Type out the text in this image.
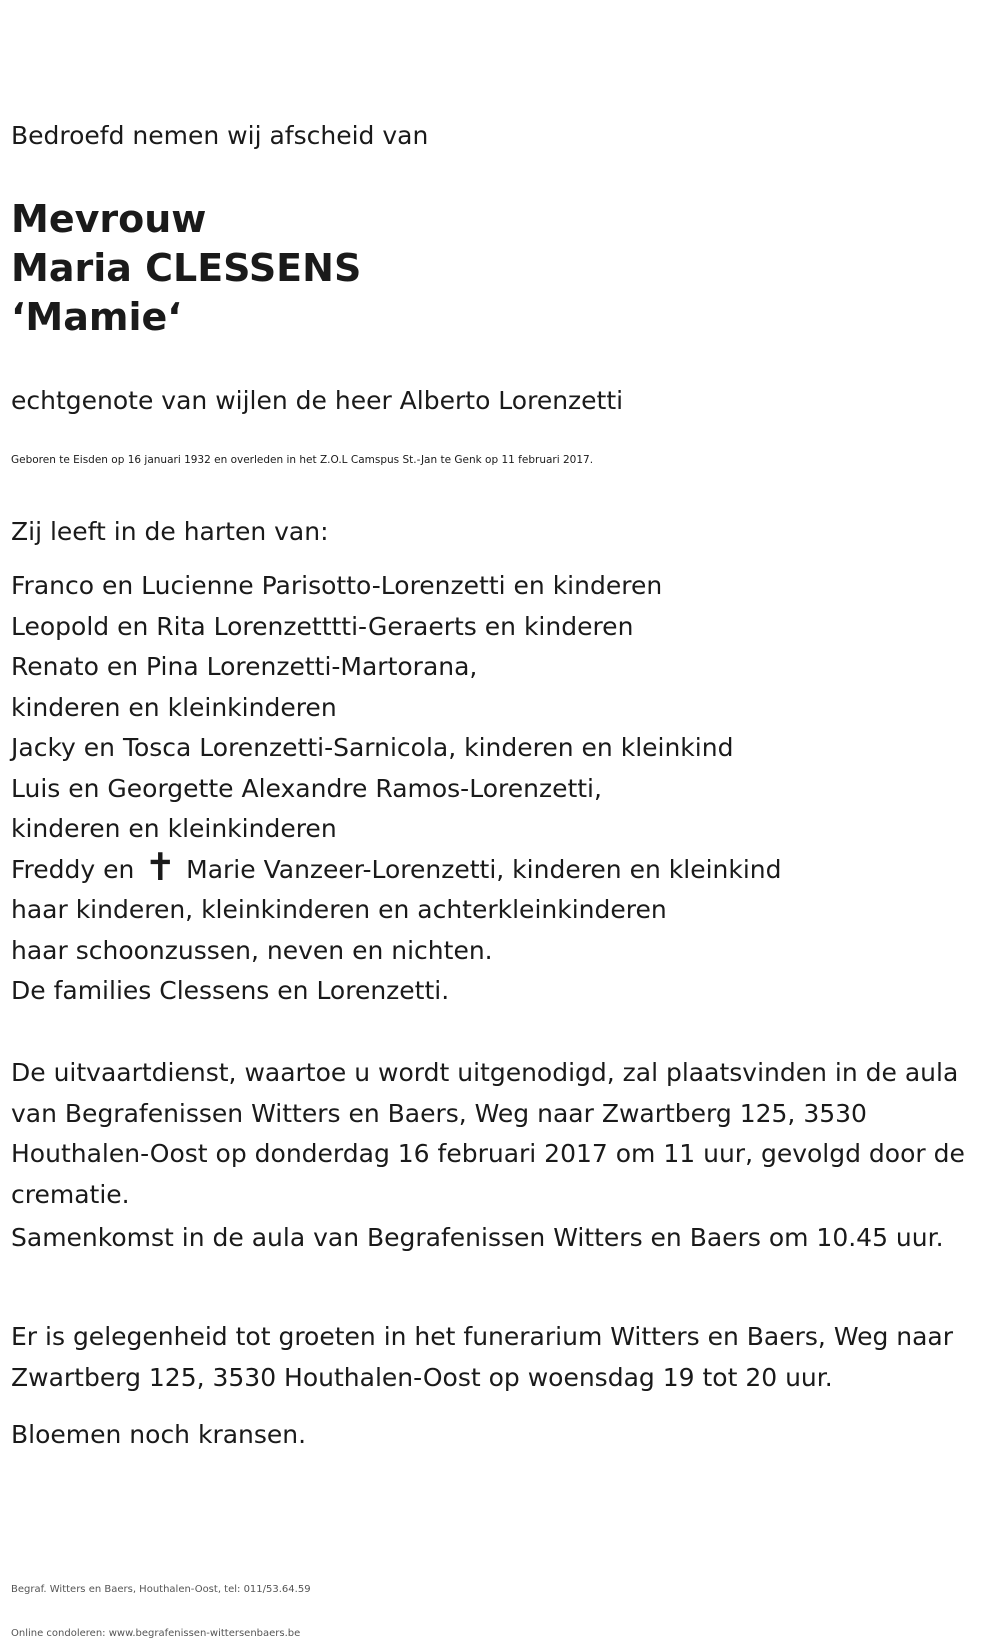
Bedroefd nemen wij afscheid van
Mevrouw
Maria CLESSENS
‘Mamie‘
echtgenote van wijlen de heer Alberto Lorenzetti
Geboren te Eisden op 16 januari 1932 en overleden in het Z.O.L Camspus St.-Jan te Genk op 11 februari 2017.
Zij leeft in de harten van:
Franco en Lucienne Parisotto-Lorenzetti en kinderen
Leopold en Rita Lorenzetttti-Geraerts en kinderen
Renato en Pina Lorenzetti-Martorana,
kinderen en kleinkinderen
Jacky en Tosca Lorenzetti-Sarnicola, kinderen en kleinkind
Luis en Georgette Alexandre Ramos-Lorenzetti,
kinderen en kleinkinderen
Freddy en ✝ Marie Vanzeer-Lorenzetti, kinderen en kleinkind
haar kinderen, kleinkinderen en achterkleinkinderen
haar schoonzussen, neven en nichten.
De families Clessens en Lorenzetti.
De uitvaartdienst, waartoe u wordt uitgenodigd, zal plaatsvinden in de aula van Begrafenissen Witters en Baers, Weg naar Zwartberg 125, 3530 Houthalen-Oost op donderdag 16 februari 2017 om 11 uur, gevolgd door de crematie.
Samenkomst in de aula van Begrafenissen Witters en Baers om 10.45 uur.
Er is gelegenheid tot groeten in het funerarium Witters en Baers, Weg naar Zwartberg 125, 3530 Houthalen-Oost op woensdag 19 tot 20 uur.
Bloemen noch kransen.
Begraf. Witters en Baers, Houthalen-Oost, tel: 011/53.64.59
Online condoleren: www.begrafenissen-wittersenbaers.be
